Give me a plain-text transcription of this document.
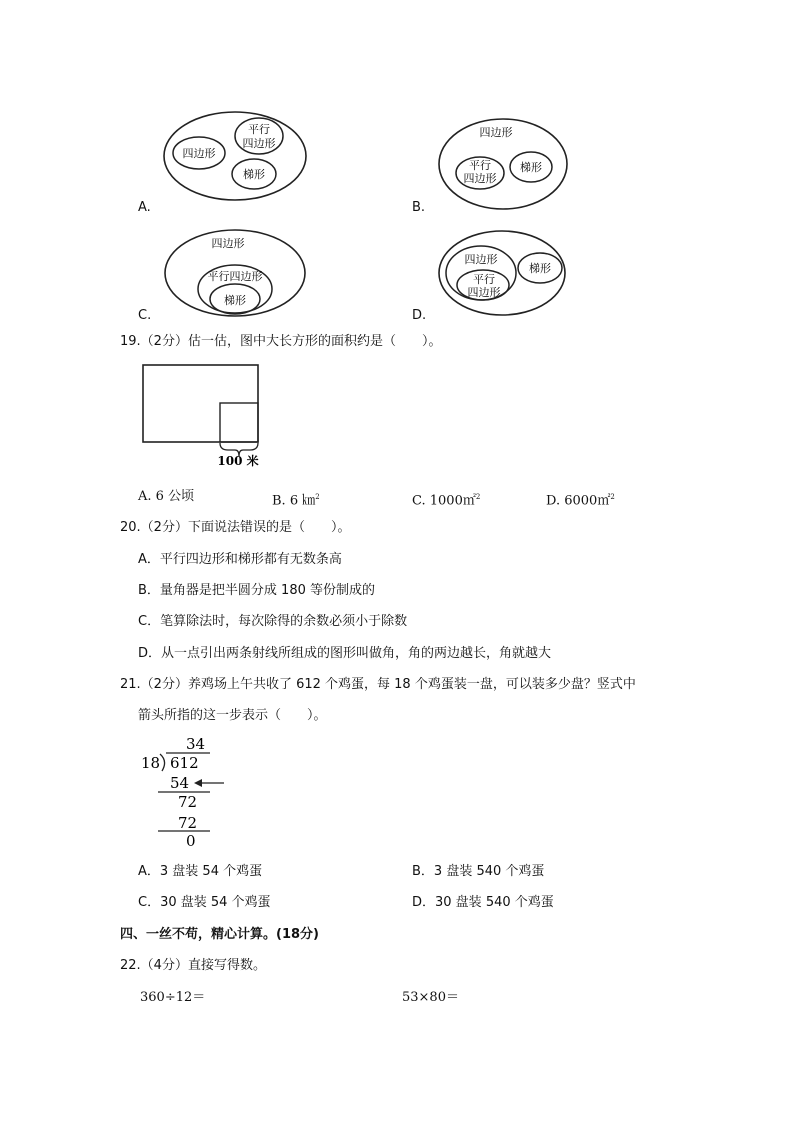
四边形
平行
四边形
梯形
A.
四边形
平行
四边形
梯形
B.
四边形
平行四边形
梯形
C.
四边形
平行
四边形
梯形
D.
19.（2分）估一估，图中大长方形的面积约是（　　）。
100 米
A. 6 公顷	B. 6 ㎞$^2$	C. 1000㎡$^2$	D. 6000㎡$^2$
20.（2分）下面说法错误的是（　　）。
A．平行四边形和梯形都有无数条高
B．量角器是把半圆分成 180 等份制成的
C．笔算除法时，每次除得的余数必须小于除数
D．从一点引出两条射线所组成的图形叫做角，角的两边越长，角就越大
21.（2分）养鸡场上午共收了 612 个鸡蛋，每 18 个鸡蛋装一盘，可以装多少盘？竖式中
箭头所指的这一步表示（　　）。
34
18 612
54
72
72
0
A．3 盘装 54 个鸡蛋	B．3 盘装 540 个鸡蛋
C．30 盘装 54 个鸡蛋	D．30 盘装 540 个鸡蛋
四、一丝不苟，精心计算。(18分)
22.（4分）直接写得数。
360÷12＝	53×80＝
